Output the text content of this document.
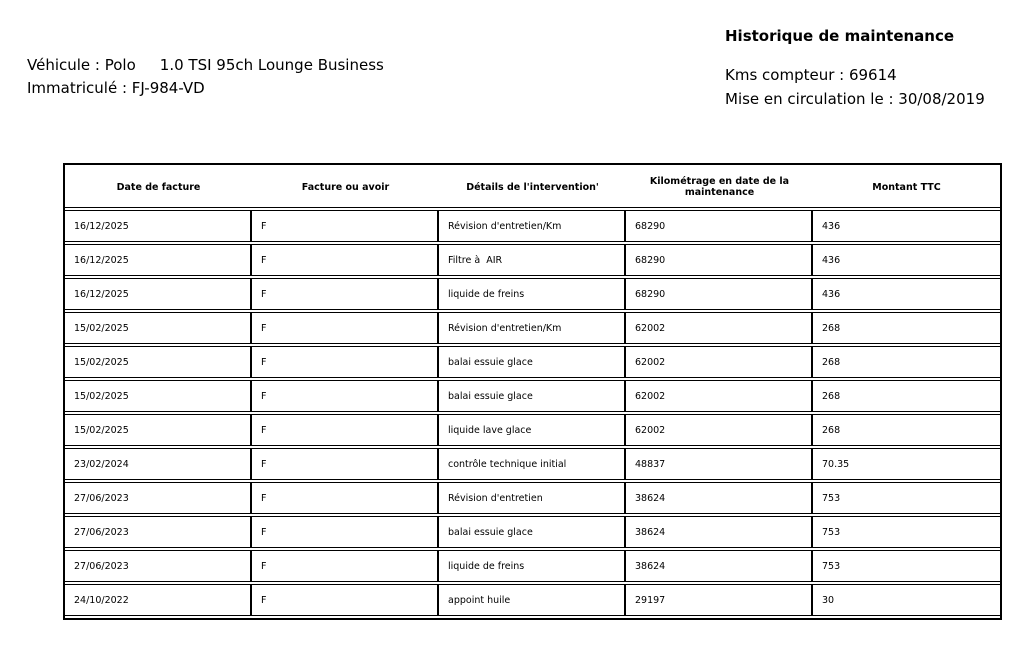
Véhicule : Polo 1.0 TSI 95ch Lounge Business
Immatriculé : FJ-984-VD
Historique de maintenance
Kms compteur : 69614
Mise en circulation le : 30/08/2019
Date de facture	Facture ou avoir	Détails de l'intervention'	Kilométrage en date de la maintenance	Montant TTC
16/12/2025	F	Révision d'entretien/Km	68290	436
16/12/2025	F	Filtre à  AIR	68290	436
16/12/2025	F	liquide de freins	68290	436
15/02/2025	F	Révision d'entretien/Km	62002	268
15/02/2025	F	balai essuie glace	62002	268
15/02/2025	F	balai essuie glace	62002	268
15/02/2025	F	liquide lave glace	62002	268
23/02/2024	F	contrôle technique initial	48837	70.35
27/06/2023	F	Révision d'entretien	38624	753
27/06/2023	F	balai essuie glace	38624	753
27/06/2023	F	liquide de freins	38624	753
24/10/2022	F	appoint huile	29197	30
